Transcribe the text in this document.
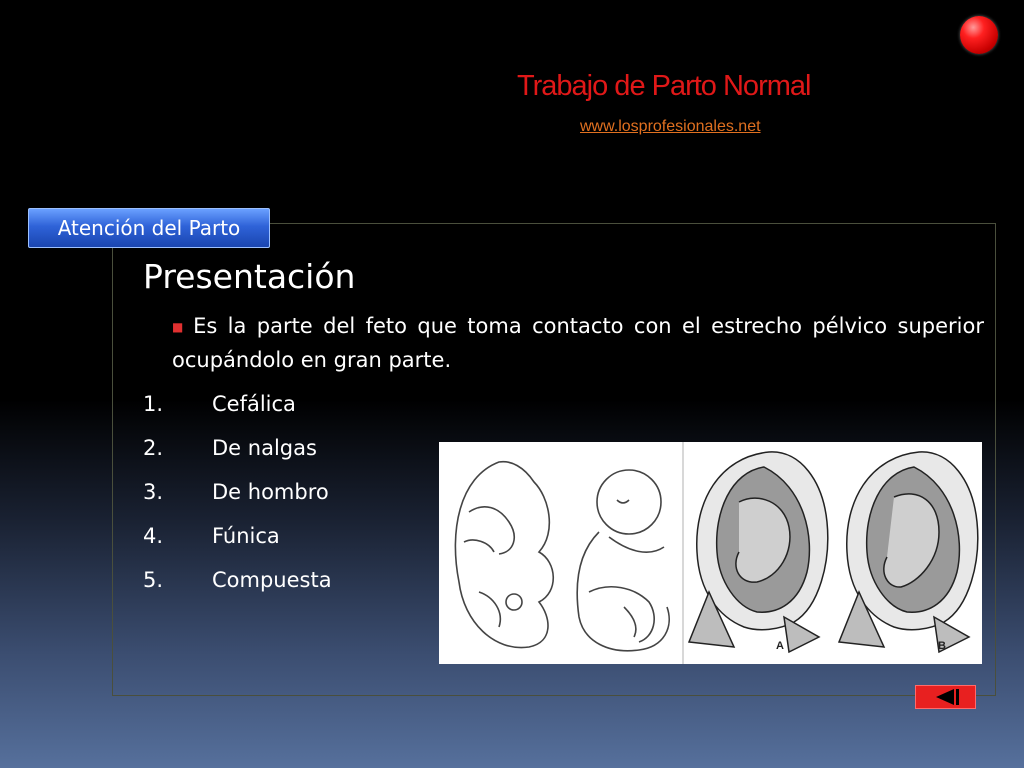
Trabajo de Parto Normal
www.losprofesionales.net
Atención del Parto
Presentación
■ Es la parte del feto que toma contacto con el estrecho pélvico superior ocupándolo en gran parte.
1.	Cefálica
2.	De nalgas
3.	De hombro
4.	Fúnica
5.	Compuesta
A	B
